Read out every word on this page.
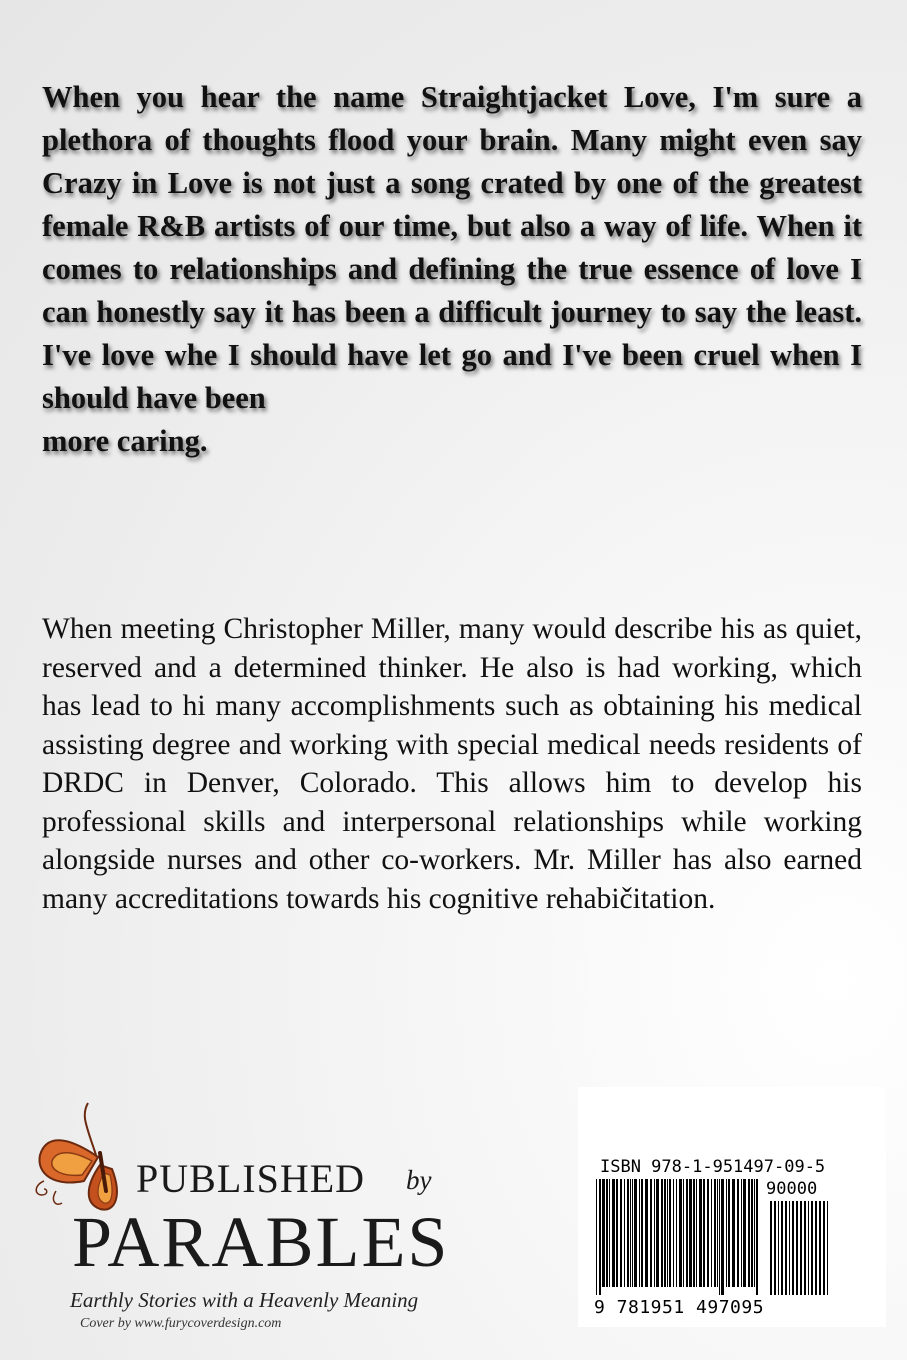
When you hear the name Straightjacket Love, I'm sure a plethora of thoughts flood your brain. Many might even say Crazy in Love is not just a song crated by one of the greatest female R&B artists of our time, but also a way of life. When it comes to relationships and defining the true essence of love I can honestly say it has been a difficult journey to say the least. I've love whe I should have let go and I've been cruel when I should have been

more caring.

When meeting Christopher Miller, many would describe his as quiet, reserved and a determined thinker. He also is had working, which has lead to hi many accomplishments such as obtaining his medical assisting degree and working with special medical needs residents of DRDC in Denver, Colorado. This allows him to develop his professional skills and interpersonal relationships while working alongside nurses and other co-workers. Mr. Miller has also earned many accreditations towards his cognitive rehabičitation.

PUBLISHED by
PARABLES
Earthly Stories with a Heavenly Meaning
Cover by www.furycoverdesign.com
ISBN 978-1-951497-09-5
90000
9 781951 497095
